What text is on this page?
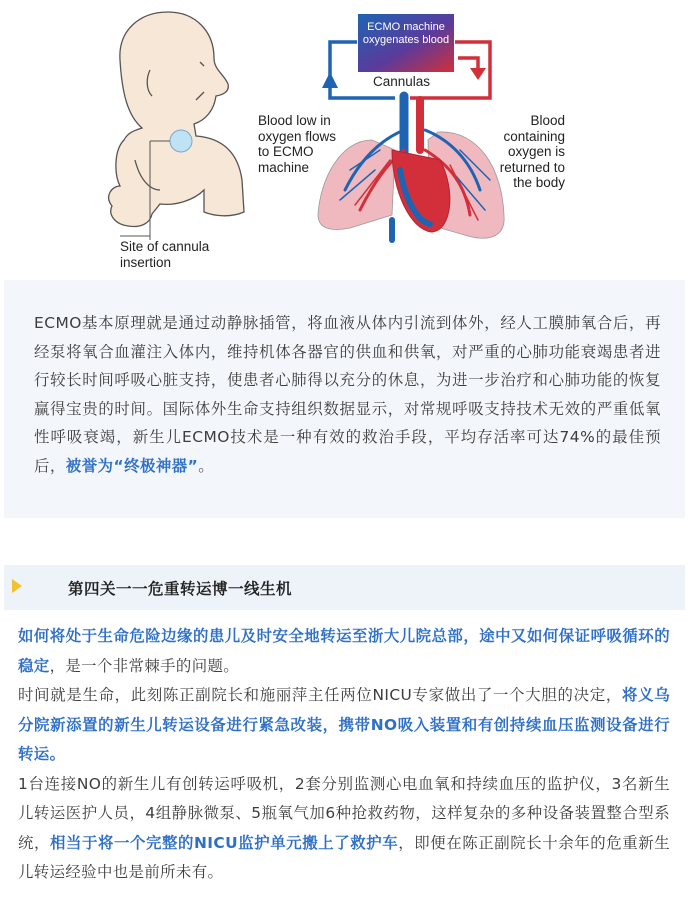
ECMO machine oxygenates blood
Cannulas
Blood low in oxygen flows to ECMO machine
Blood containing oxygen is returned to the body
Site of cannula insertion

ECMO基本原理就是通过动静脉插管，将血液从体内引流到体外，经人工膜肺氧合后，再经泵将氧合血灌注入体内，维持机体各器官的供血和供氧，对严重的心肺功能衰竭患者进行较长时间呼吸心脏支持，使患者心肺得以充分的休息，为进一步治疗和心肺功能的恢复赢得宝贵的时间。国际体外生命支持组织数据显示，对常规呼吸支持技术无效的严重低氧性呼吸衰竭，新生儿ECMO技术是一种有效的救治手段，平均存活率可达74%的最佳预后，被誉为“终极神器”。

第四关一一危重转运博一线生机

如何将处于生命危险边缘的患儿及时安全地转运至浙大儿院总部，途中又如何保证呼吸循环的稳定，是一个非常棘手的问题。

时间就是生命，此刻陈正副院长和施丽萍主任两位NICU专家做出了一个大胆的决定，将义乌分院新添置的新生儿转运设备进行紧急改装，携带NO吸入装置和有创持续血压监测设备进行转运。

1台连接NO的新生儿有创转运呼吸机，2套分别监测心电血氧和持续血压的监护仪，3名新生儿转运医护人员，4组静脉微泵、5瓶氧气加6种抢救药物，这样复杂的多种设备装置整合型系统，相当于将一个完整的NICU监护单元搬上了救护车，即便在陈正副院长十余年的危重新生儿转运经验中也是前所未有。
